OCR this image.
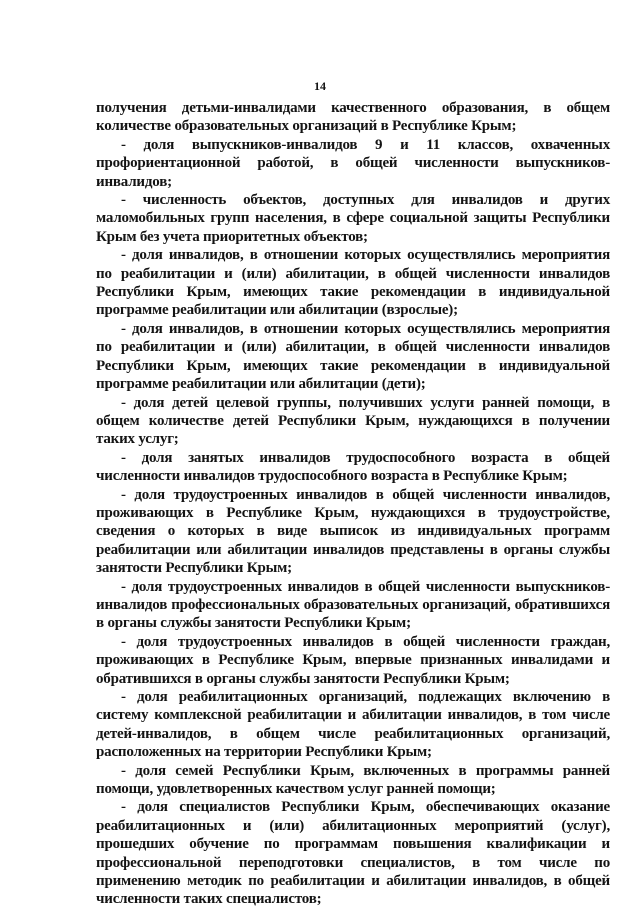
14

получения детьми-инвалидами качественного образования, в общем количестве образовательных организаций в Республике Крым;

- доля выпускников-инвалидов 9 и 11 классов, охваченных профориентационной работой, в общей численности выпускников-инвалидов;

- численность объектов, доступных для инвалидов и других маломобильных групп населения, в сфере социальной защиты Республики Крым без учета приоритетных объектов;

- доля инвалидов, в отношении которых осуществлялись мероприятия по реабилитации и (или) абилитации, в общей численности инвалидов Республики Крым, имеющих такие рекомендации в индивидуальной программе реабилитации или абилитации (взрослые);

- доля инвалидов, в отношении которых осуществлялись мероприятия по реабилитации и (или) абилитации, в общей численности инвалидов Республики Крым, имеющих такие рекомендации в индивидуальной программе реабилитации или абилитации (дети);

- доля детей целевой группы, получивших услуги ранней помощи, в общем количестве детей Республики Крым, нуждающихся в получении таких услуг;

- доля занятых инвалидов трудоспособного возраста в общей численности инвалидов трудоспособного возраста в Республике Крым;

- доля трудоустроенных инвалидов в общей численности инвалидов, проживающих в Республике Крым, нуждающихся в трудоустройстве, сведения о которых в виде выписок из индивидуальных программ реабилитации или абилитации инвалидов представлены в органы службы занятости Республики Крым;

- доля трудоустроенных инвалидов в общей численности выпускников-инвалидов профессиональных образовательных организаций, обратившихся в органы службы занятости Республики Крым;

- доля трудоустроенных инвалидов в общей численности граждан, проживающих в Республике Крым, впервые признанных инвалидами и обратившихся в органы службы занятости Республики Крым;

- доля реабилитационных организаций, подлежащих включению в систему комплексной реабилитации и абилитации инвалидов, в том числе детей-инвалидов, в общем числе реабилитационных организаций, расположенных на территории Республики Крым;

- доля семей Республики Крым, включенных в программы ранней помощи, удовлетворенных качеством услуг ранней помощи;

- доля специалистов Республики Крым, обеспечивающих оказание реабилитационных и (или) абилитационных мероприятий (услуг), прошедших обучение по программам повышения квалификации и профессиональной переподготовки специалистов, в том числе по применению методик по реабилитации и абилитации инвалидов, в общей численности таких специалистов;
